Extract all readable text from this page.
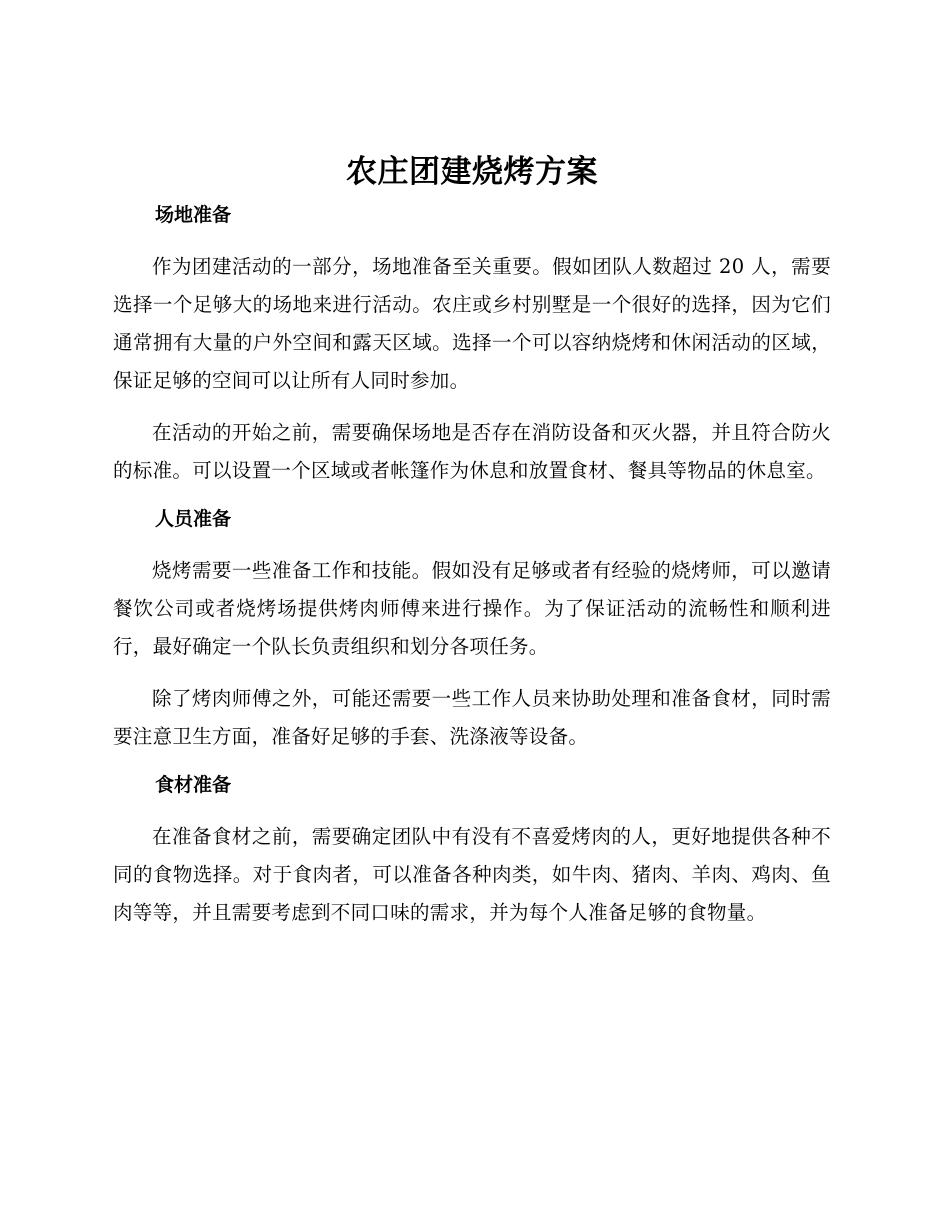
农庄团建烧烤方案
场地准备

作为团建活动的一部分，场地准备至关重要。假如团队人数超过 20 人，需要选择一个足够大的场地来进行活动。农庄或乡村别墅是一个很好的选择，因为它们通常拥有大量的户外空间和露天区域。选择一个可以容纳烧烤和休闲活动的区域，保证足够的空间可以让所有人同时参加。

在活动的开始之前，需要确保场地是否存在消防设备和灭火器，并且符合防火的标准。可以设置一个区域或者帐篷作为休息和放置食材、餐具等物品的休息室。

人员准备

烧烤需要一些准备工作和技能。假如没有足够或者有经验的烧烤师，可以邀请餐饮公司或者烧烤场提供烤肉师傅来进行操作。为了保证活动的流畅性和顺利进行，最好确定一个队长负责组织和划分各项任务。

除了烤肉师傅之外，可能还需要一些工作人员来协助处理和准备食材，同时需要注意卫生方面，准备好足够的手套、洗涤液等设备。

食材准备

在准备食材之前，需要确定团队中有没有不喜爱烤肉的人，更好地提供各种不同的食物选择。对于食肉者，可以准备各种肉类，如牛肉、猪肉、羊肉、鸡肉、鱼肉等等，并且需要考虑到不同口味的需求，并为每个人准备足够的食物量。
